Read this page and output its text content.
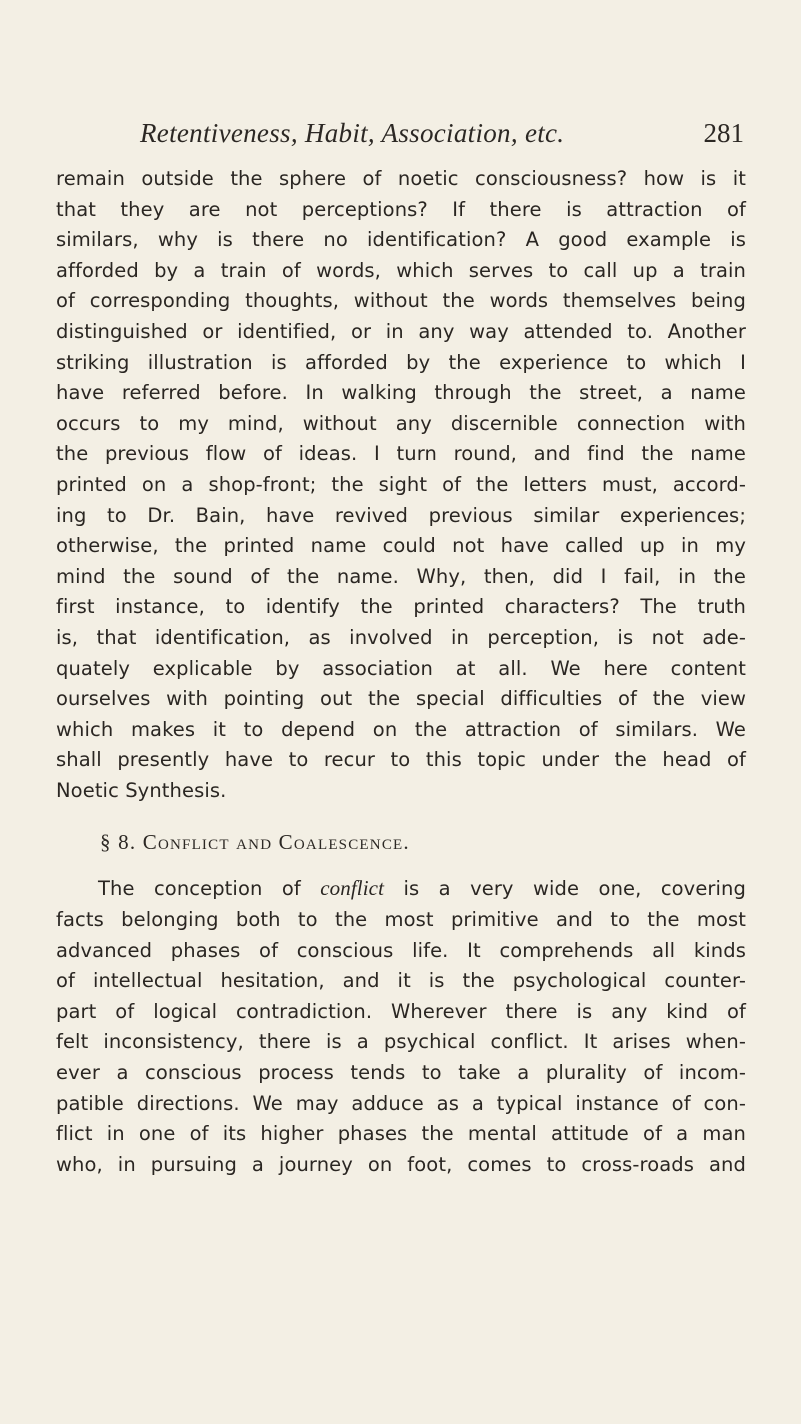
Retentiveness, Habit, Association, etc.	281

remain outside the sphere of noetic consciousness? how is it
that they are not perceptions? If there is attraction of
similars, why is there no identification? A good example is
afforded by a train of words, which serves to call up a train
of corresponding thoughts, without the words themselves being
distinguished or identified, or in any way attended to. Another
striking illustration is afforded by the experience to which I
have referred before. In walking through the street, a name
occurs to my mind, without any discernible connection with
the previous flow of ideas. I turn round, and find the name
printed on a shop-front; the sight of the letters must, accord-
ing to Dr. Bain, have revived previous similar experiences;
otherwise, the printed name could not have called up in my
mind the sound of the name. Why, then, did I fail, in the
first instance, to identify the printed characters? The truth
is, that identification, as involved in perception, is not ade-
quately explicable by association at all. We here content
ourselves with pointing out the special difficulties of the view
which makes it to depend on the attraction of similars. We
shall presently have to recur to this topic under the head of
Noetic Synthesis.

§ 8. Conflict and Coalescence.

The conception of conflict is a very wide one, covering
facts belonging both to the most primitive and to the most
advanced phases of conscious life. It comprehends all kinds
of intellectual hesitation, and it is the psychological counter-
part of logical contradiction. Wherever there is any kind of
felt inconsistency, there is a psychical conflict. It arises when-
ever a conscious process tends to take a plurality of incom-
patible directions. We may adduce as a typical instance of con-
flict in one of its higher phases the mental attitude of a man
who, in pursuing a journey on foot, comes to cross-roads and
